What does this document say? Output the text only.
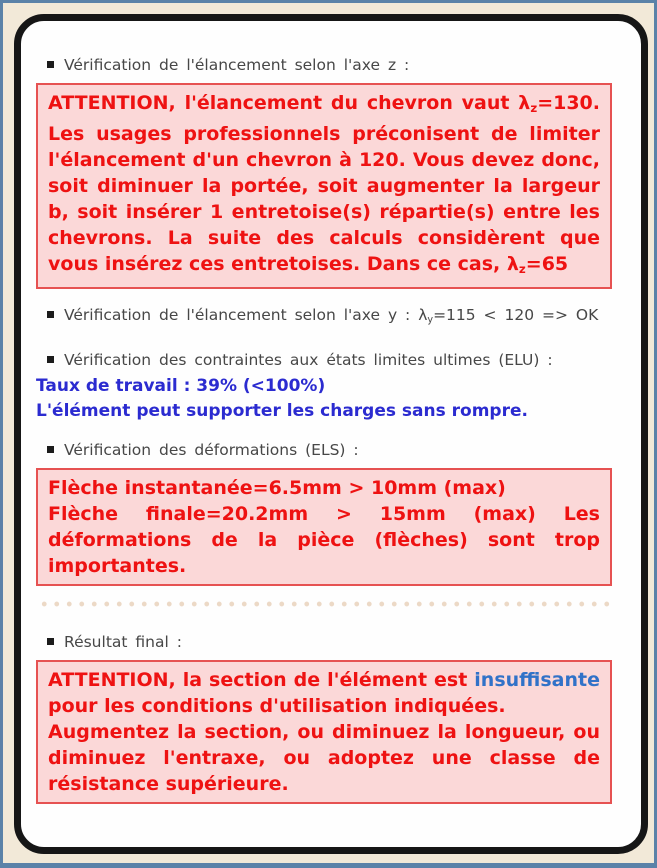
Vérification de l'élancement selon l'axe z :

ATTENTION, l'élancement du chevron vaut $\lambda_z=130$. Les usages professionnels préconisent de limiter l'élancement d'un chevron à 120. Vous devez donc, soit diminuer la portée, soit augmenter la largeur b, soit insérer 1 entretoise(s) répartie(s) entre les chevrons. La suite des calculs considèrent que vous insérez ces entretoises. Dans ce cas, $\lambda_z=65$

Vérification de l'élancement selon l'axe y : $\lambda_y=115 < 120$ => OK

Vérification des contraintes aux états limites ultimes (ELU) :

Taux de travail : 39% (<100%)

L'élément peut supporter les charges sans rompre.

Vérification des déformations (ELS) :

Flèche instantanée=6.5mm > 10mm (max)

Flèche finale=20.2mm > 15mm (max) Les déformations de la pièce (flèches) sont trop importantes.

Résultat final :

ATTENTION, la section de l'élément est insuffisante pour les conditions d'utilisation indiquées.

Augmentez la section, ou diminuez la longueur, ou diminuez l'entraxe, ou adoptez une classe de résistance supérieure.
